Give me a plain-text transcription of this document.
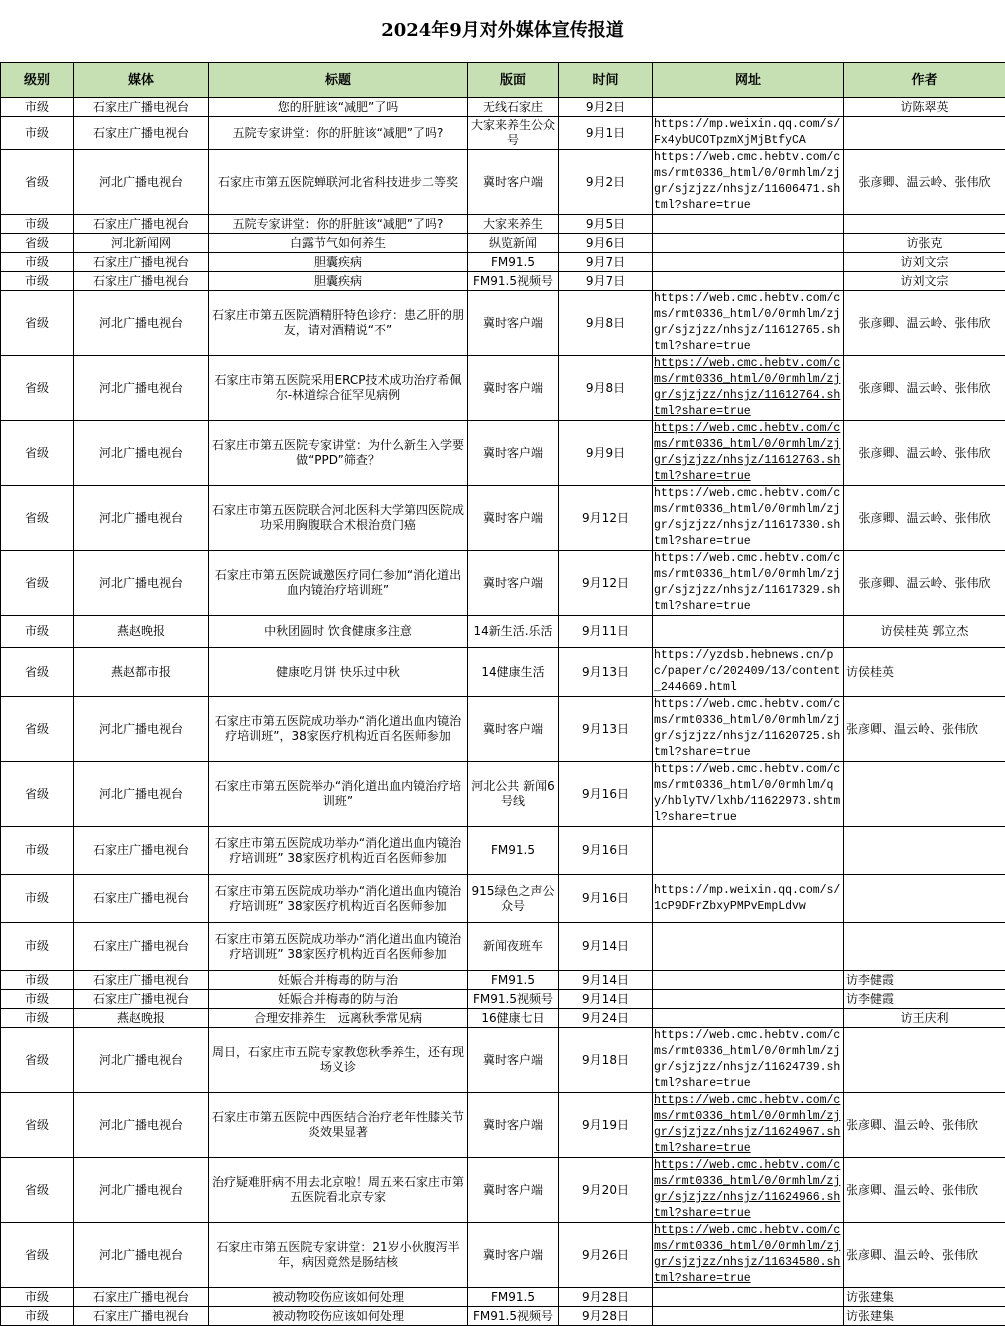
2024年9月对外媒体宣传报道
级别	媒体	标题	版面	时间	网址	作者
市级	石家庄广播电视台	您的肝脏该“减肥”了吗	无线石家庄	9月2日		访陈翠英
市级	石家庄广播电视台	五院专家讲堂：你的肝脏该“减肥”了吗?	大家来养生公众号	9月1日	https://mp.weixin.qq.com/s/Fx4ybUCOTpzmXjMjBtfyCA	
省级	河北广播电视台	石家庄市第五医院蝉联河北省科技进步二等奖	冀时客户端	9月2日	https://web.cmc.hebtv.com/cms/rmt0336_html/0/0rmhlm/zjgr/sjzjzz/nhsjz/11606471.shtml?share=true	张彦卿、温云岭、张伟欣
市级	石家庄广播电视台	五院专家讲堂：你的肝脏该“减肥”了吗?	大家来养生	9月5日		
省级	河北新闻网	白露节气如何养生	纵览新闻	9月6日		访张克
市级	石家庄广播电视台	胆囊疾病	FM91.5	9月7日		访刘文宗
市级	石家庄广播电视台	胆囊疾病	FM91.5视频号	9月7日		访刘文宗
省级	河北广播电视台	石家庄市第五医院酒精肝特色诊疗：患乙肝的朋友，请对酒精说“不”	冀时客户端	9月8日	https://web.cmc.hebtv.com/cms/rmt0336_html/0/0rmhlm/zjgr/sjzjzz/nhsjz/11612765.shtml?share=true	张彦卿、温云岭、张伟欣
省级	河北广播电视台	石家庄市第五医院采用ERCP技术成功治疗希佩尔-林道综合征罕见病例	冀时客户端	9月8日	https://web.cmc.hebtv.com/cms/rmt0336_html/0/0rmhlm/zjgr/sjzjzz/nhsjz/11612764.shtml?share=true	张彦卿、温云岭、张伟欣
省级	河北广播电视台	石家庄市第五医院专家讲堂：为什么新生入学要做“PPD”筛查？	冀时客户端	9月9日	https://web.cmc.hebtv.com/cms/rmt0336_html/0/0rmhlm/zjgr/sjzjzz/nhsjz/11612763.shtml?share=true	张彦卿、温云岭、张伟欣
省级	河北广播电视台	石家庄市第五医院联合河北医科大学第四医院成功采用胸腹联合术根治贲门癌	冀时客户端	9月12日	https://web.cmc.hebtv.com/cms/rmt0336_html/0/0rmhlm/zjgr/sjzjzz/nhsjz/11617330.shtml?share=true	张彦卿、温云岭、张伟欣
省级	河北广播电视台	石家庄市第五医院诚邀医疗同仁参加“消化道出血内镜治疗培训班”	冀时客户端	9月12日	https://web.cmc.hebtv.com/cms/rmt0336_html/0/0rmhlm/zjgr/sjzjzz/nhsjz/11617329.shtml?share=true	张彦卿、温云岭、张伟欣
市级	燕赵晚报	中秋团圆时 饮食健康多注意	14新生活.乐活	9月11日		访侯桂英 郭立杰
省级	燕赵都市报	健康吃月饼 快乐过中秋	14健康生活	9月13日	https://yzdsb.hebnews.cn/pc/paper/c/202409/13/content_244669.html	访侯桂英
省级	河北广播电视台	石家庄市第五医院成功举办“消化道出血内镜治疗培训班”，38家医疗机构近百名医师参加	冀时客户端	9月13日	https://web.cmc.hebtv.com/cms/rmt0336_html/0/0rmhlm/zjgr/sjzjzz/nhsjz/11620725.shtml?share=true	张彦卿、温云岭、张伟欣
省级	河北广播电视台	石家庄市第五医院举办“消化道出血内镜治疗培训班”	河北公共 新闻6号线	9月16日	https://web.cmc.hebtv.com/cms/rmt0336_html/0/0rmhlm/qy/hblyTV/lxhb/11622973.shtml?share=true	
市级	石家庄广播电视台	石家庄市第五医院成功举办“消化道出血内镜治疗培训班” 38家医疗机构近百名医师参加	FM91.5	9月16日		
市级	石家庄广播电视台	石家庄市第五医院成功举办“消化道出血内镜治疗培训班” 38家医疗机构近百名医师参加	915绿色之声公众号	9月16日	https://mp.weixin.qq.com/s/1cP9DFrZbxyPMPvEmpLdvw	
市级	石家庄广播电视台	石家庄市第五医院成功举办“消化道出血内镜治疗培训班” 38家医疗机构近百名医师参加	新闻夜班车	9月14日		
市级	石家庄广播电视台	妊娠合并梅毒的防与治	FM91.5	9月14日		访李健霞
市级	石家庄广播电视台	妊娠合并梅毒的防与治	FM91.5视频号	9月14日		访李健霞
市级	燕赵晚报	合理安排养生　远离秋季常见病	16健康七日	9月24日		访王庆利
省级	河北广播电视台	周日，石家庄市五院专家教您秋季养生，还有现场义诊	冀时客户端	9月18日	https://web.cmc.hebtv.com/cms/rmt0336_html/0/0rmhlm/zjgr/sjzjzz/nhsjz/11624739.shtml?share=true	
省级	河北广播电视台	石家庄市第五医院中西医结合治疗老年性膝关节炎效果显著	冀时客户端	9月19日	https://web.cmc.hebtv.com/cms/rmt0336_html/0/0rmhlm/zjgr/sjzjzz/nhsjz/11624967.shtml?share=true	张彦卿、温云岭、张伟欣
省级	河北广播电视台	治疗疑难肝病不用去北京啦！周五来石家庄市第五医院看北京专家	冀时客户端	9月20日	https://web.cmc.hebtv.com/cms/rmt0336_html/0/0rmhlm/zjgr/sjzjzz/nhsjz/11624966.shtml?share=true	张彦卿、温云岭、张伟欣
省级	河北广播电视台	石家庄市第五医院专家讲堂：21岁小伙腹泻半年，病因竟然是肠结核	冀时客户端	9月26日	https://web.cmc.hebtv.com/cms/rmt0336_html/0/0rmhlm/zjgr/sjzjzz/nhsjz/11634580.shtml?share=true	张彦卿、温云岭、张伟欣
市级	石家庄广播电视台	被动物咬伤应该如何处理	FM91.5	9月28日		访张建集
市级	石家庄广播电视台	被动物咬伤应该如何处理	FM91.5视频号	9月28日		访张建集
